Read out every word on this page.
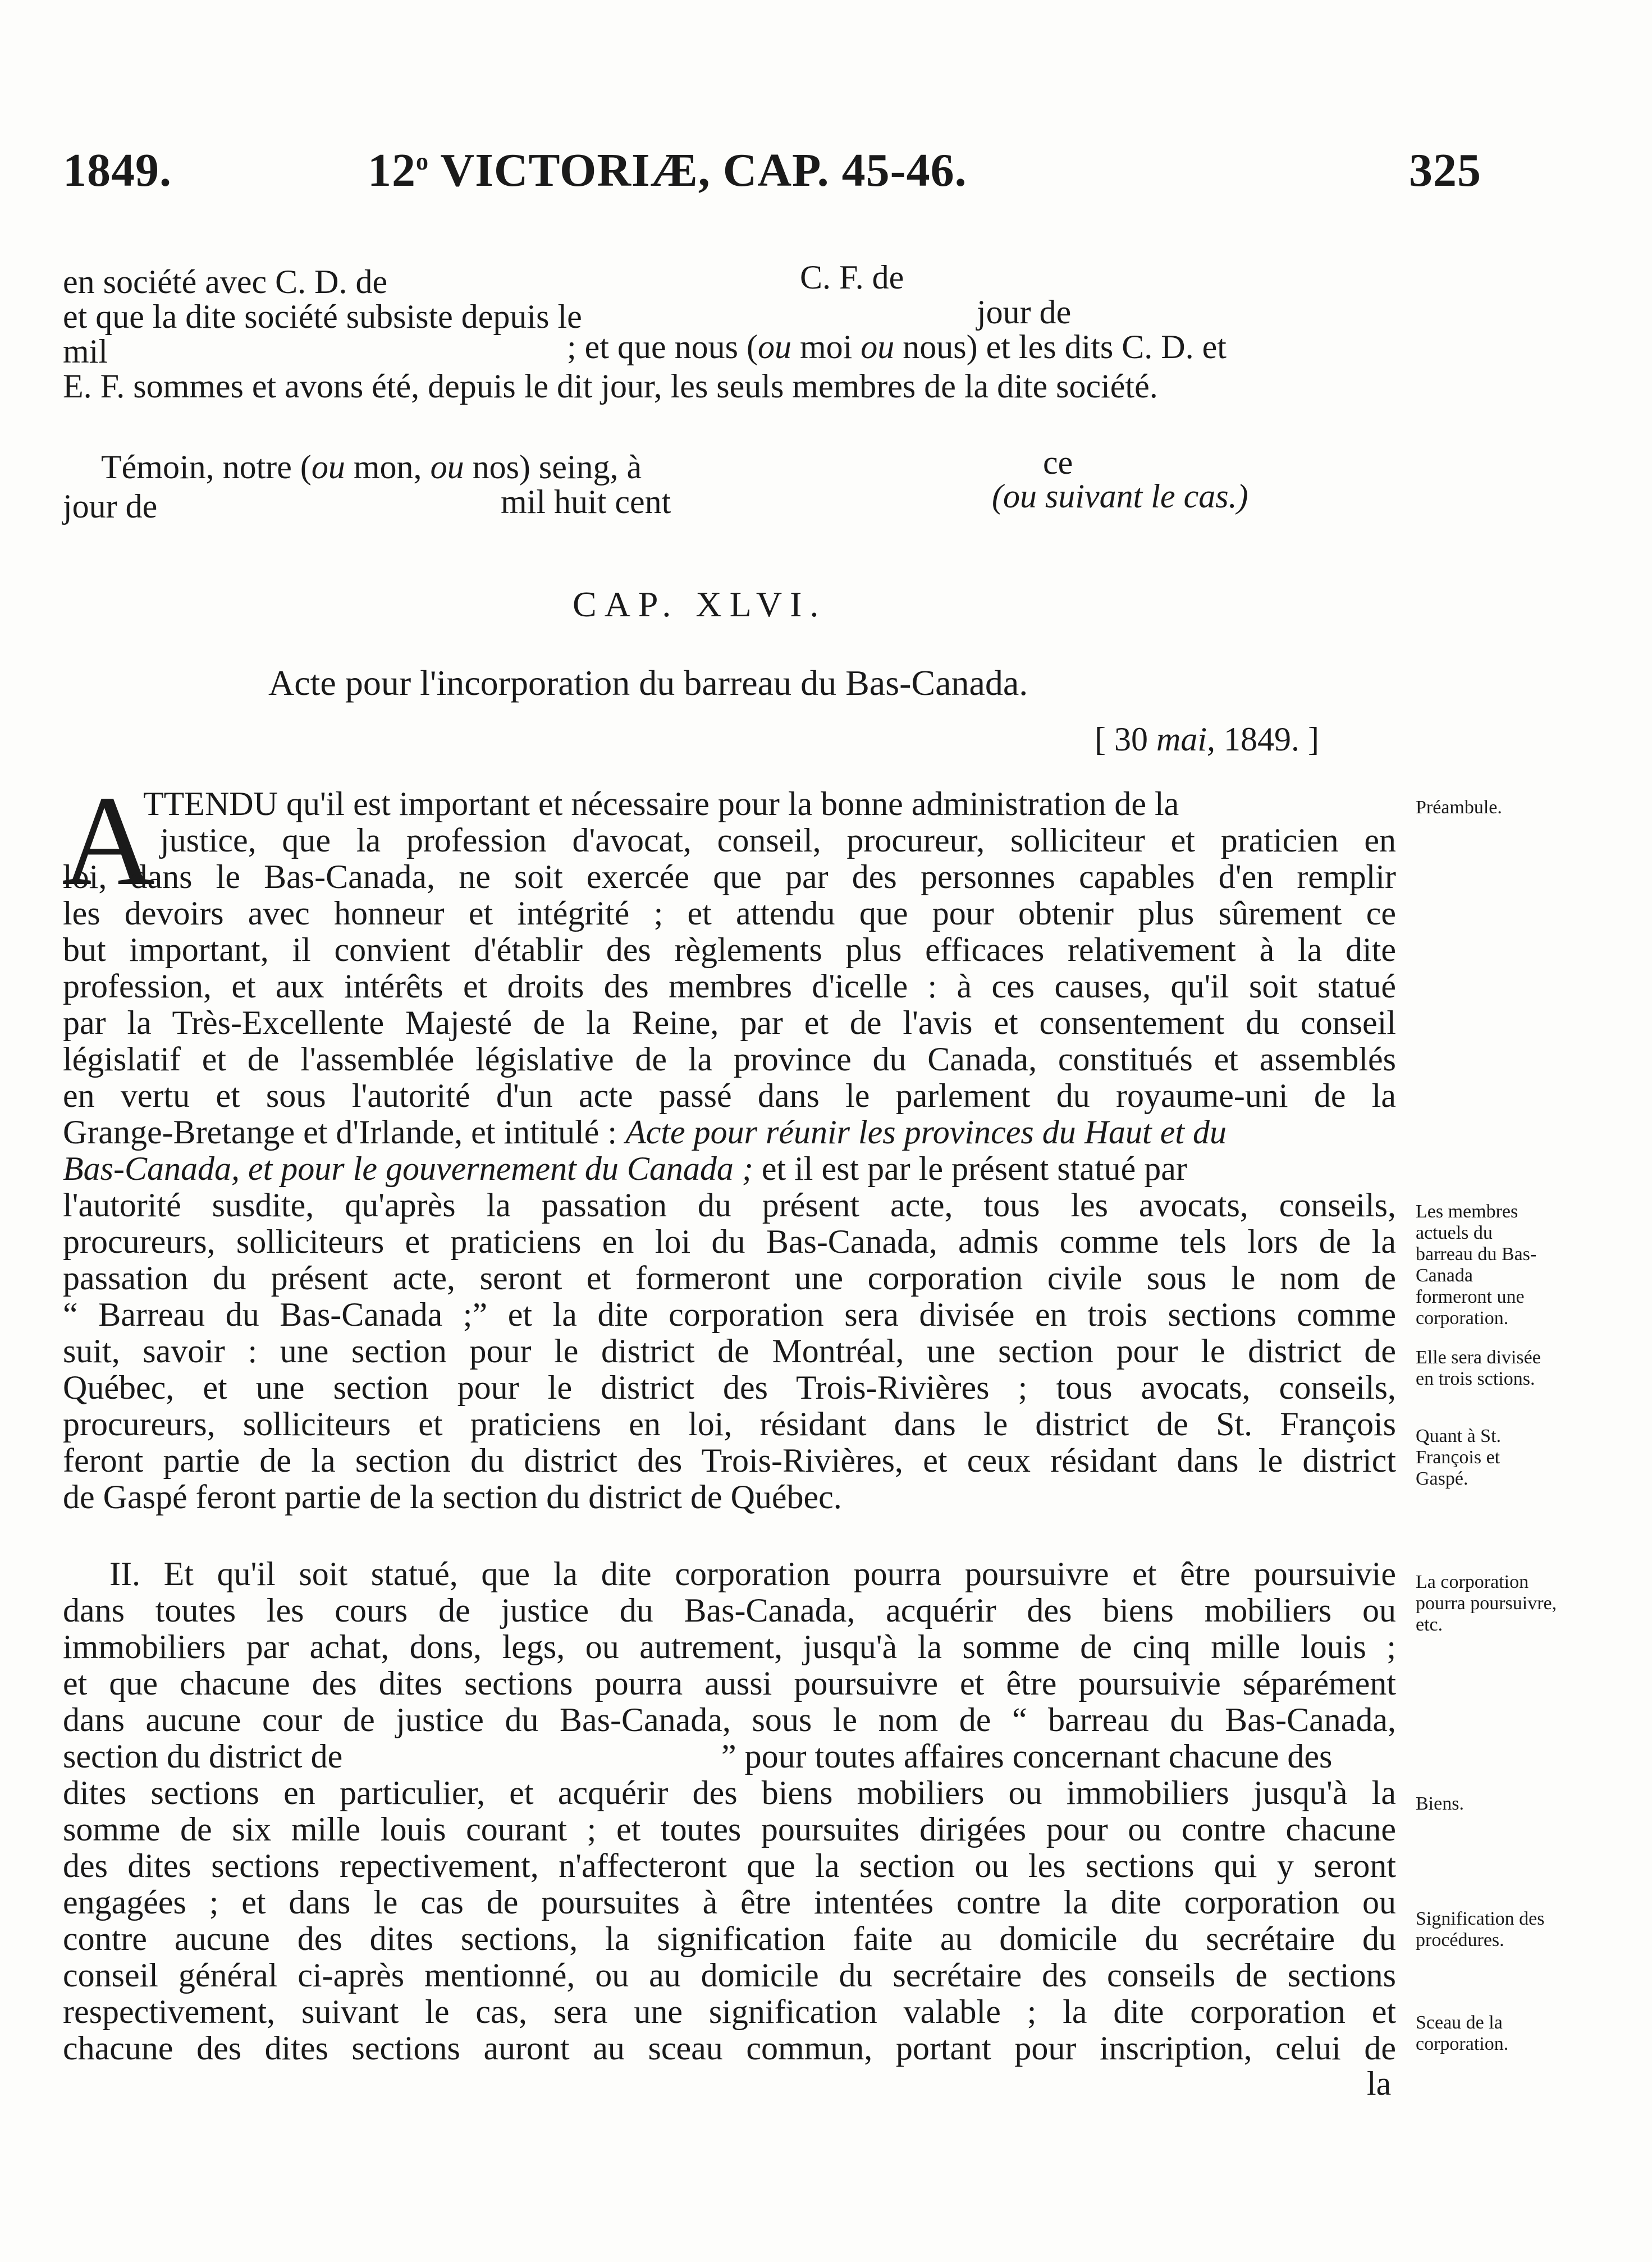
1849.	12$^o$ VICTORIÆ, CAP. 45-46.	325
en société avec C. D. de	C. F. de
et que la dite société subsiste depuis le	jour de
mil	; et que nous (ou moi ou nous) et les dits C. D. et
E. F. sommes et avons été, depuis le dit jour, les seuls membres de la dite société.
Témoin, notre (ou mon, ou nos) seing, à	ce
jour de	mil huit cent	(ou suivant le cas.)
CAP. XLVI.
Acte pour l'incorporation du barreau du Bas-Canada.
[ 30 mai, 1849. ]
A
TTENDU qu'il est important et nécessaire pour la bonne administration de la
justice, que la profession d'avocat, conseil, procureur, solliciteur et praticien en
loi, dans le Bas-Canada, ne soit exercée que par des personnes capables d'en remplir
les devoirs avec honneur et intégrité ; et attendu que pour obtenir plus sûrement ce
but important, il convient d'établir des règlements plus efficaces relativement à la dite
profession, et aux intérêts et droits des membres d'icelle : à ces causes, qu'il soit statué
par la Très-Excellente Majesté de la Reine, par et de l'avis et consentement du conseil
législatif et de l'assemblée législative de la province du Canada, constitués et assemblés
en vertu et sous l'autorité d'un acte passé dans le parlement du royaume-uni de la
Grange-Bretange et d'Irlande, et intitulé : Acte pour réunir les provinces du Haut et du
Bas-Canada, et pour le gouvernement du Canada ; et il est par le présent statué par
l'autorité susdite, qu'après la passation du présent acte, tous les avocats, conseils,
procureurs, solliciteurs et praticiens en loi du Bas-Canada, admis comme tels lors de la
passation du présent acte, seront et formeront une corporation civile sous le nom de
“ Barreau du Bas-Canada ;” et la dite corporation sera divisée en trois sections comme
suit, savoir : une section pour le district de Montréal, une section pour le district de
Québec, et une section pour le district des Trois-Rivières ; tous avocats, conseils,
procureurs, solliciteurs et praticiens en loi, résidant dans le district de St. François
feront partie de la section du district des Trois-Rivières, et ceux résidant dans le district
de Gaspé feront partie de la section du district de Québec.
II. Et qu'il soit statué, que la dite corporation pourra poursuivre et être poursuivie
dans toutes les cours de justice du Bas-Canada, acquérir des biens mobiliers ou
immobiliers par achat, dons, legs, ou autrement, jusqu'à la somme de cinq mille louis ;
et que chacune des dites sections pourra aussi poursuivre et être poursuivie séparément
dans aucune cour de justice du Bas-Canada, sous le nom de “ barreau du Bas-Canada,
section du district de	” pour toutes affaires concernant chacune des
dites sections en particulier, et acquérir des biens mobiliers ou immobiliers jusqu'à la
somme de six mille louis courant ; et toutes poursuites dirigées pour ou contre chacune
des dites sections repectivement, n'affecteront que la section ou les sections qui y seront
engagées ; et dans le cas de poursuites à être intentées contre la dite corporation ou
contre aucune des dites sections, la signification faite au domicile du secrétaire du
conseil général ci-après mentionné, ou au domicile du secrétaire des conseils de sections
respectivement, suivant le cas, sera une signification valable ; la dite corporation et
chacune des dites sections auront au sceau commun, portant pour inscription, celui de
la
Préambule.
Les membres actuels du barreau du Bas-Canada formeront une corporation.
Elle sera divisée en trois sctions.
Quant à St. François et Gaspé.
La corporation pourra poursuivre, etc.
Biens.
Signification des procédures.
Sceau de la corporation.
